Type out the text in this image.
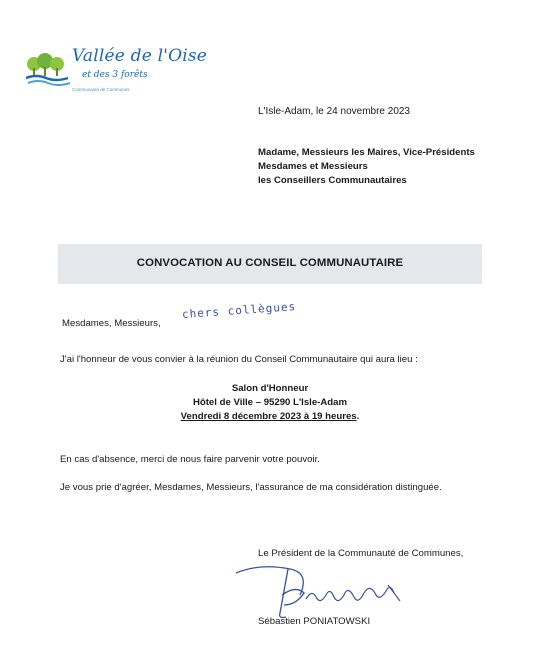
Vallée de l'Oise
et des 3 forêts
Communauté de Communes
L'Isle-Adam, le 24 novembre 2023
Madame, Messieurs les Maires, Vice-Présidents
Mesdames et Messieurs
les Conseillers Communautaires
CONVOCATION AU CONSEIL COMMUNAUTAIRE
Mesdames, Messieurs,
chers collègues
J'ai l'honneur de vous convier à la réunion du Conseil Communautaire qui aura lieu :
Salon d'Honneur
Hôtel de Ville – 95290 L'Isle-Adam
Vendredi 8 décembre 2023 à 19 heures.
En cas d'absence, merci de nous faire parvenir votre pouvoir.
Je vous prie d'agréer, Mesdames, Messieurs, l'assurance de ma considération distinguée.
Le Président de la Communauté de Communes,
Sébastien PONIATOWSKI
